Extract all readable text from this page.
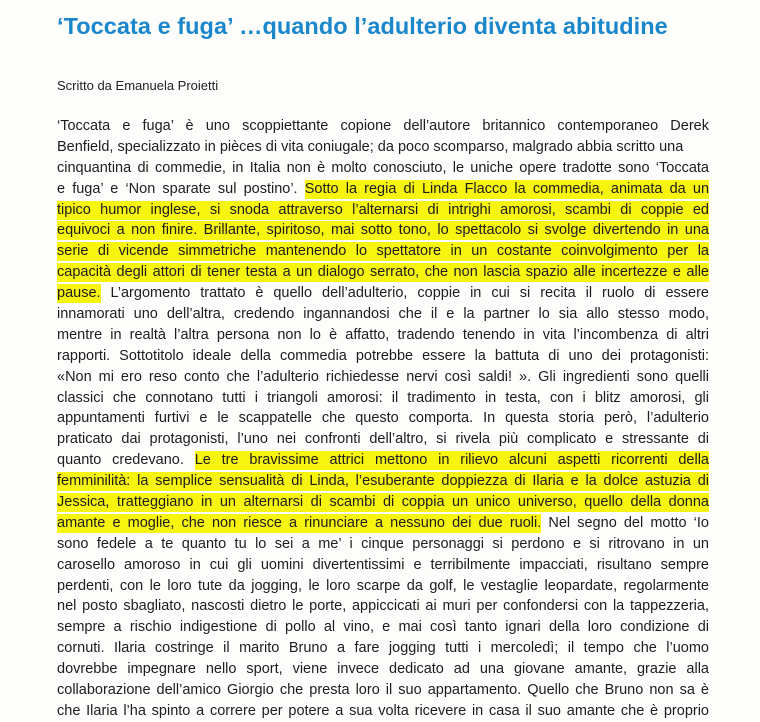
‘Toccata e fuga’ …quando l’adulterio diventa abitudine
Scritto da Emanuela Proietti
‘Toccata e fuga’ è uno scoppiettante copione dell’autore britannico contemporaneo Derek
Benfield, specializzato in pièces di vita coniugale; da poco scomparso, malgrado abbia scritto una
cinquantina di commedie, in Italia non è molto conosciuto, le uniche opere tradotte sono ‘Toccata
e fuga’ e ‘Non sparate sul postino’. Sotto la regia di Linda Flacco la commedia, animata da un
tipico humor inglese, si snoda attraverso l’alternarsi di intrighi amorosi, scambi di coppie ed
equivoci a non finire. Brillante, spiritoso, mai sotto tono, lo spettacolo si svolge divertendo in una
serie di vicende simmetriche mantenendo lo spettatore in un costante coinvolgimento per la
capacità degli attori di tener testa a un dialogo serrato, che non lascia spazio alle incertezze e alle
pause. L’argomento trattato è quello dell’adulterio, coppie in cui si recita il ruolo di essere
innamorati uno dell’altra, credendo ingannandosi che il e la partner lo sia allo stesso modo,
mentre in realtà l’altra persona non lo è affatto, tradendo tenendo in vita l’incombenza di altri
rapporti. Sottotitolo ideale della commedia potrebbe essere la battuta di uno dei protagonisti:
«Non mi ero reso conto che l’adulterio richiedesse nervi così saldi! ». Gli ingredienti sono quelli
classici che connotano tutti i triangoli amorosi: il tradimento in testa, con i blitz amorosi, gli
appuntamenti furtivi e le scappatelle che questo comporta. In questa storia però, l’adulterio
praticato dai protagonisti, l’uno nei confronti dell’altro, si rivela più complicato e stressante di
quanto credevano. Le tre bravissime attrici mettono in rilievo alcuni aspetti ricorrenti della
femminilità: la semplice sensualità di Linda, l’esuberante doppiezza di Ilaria e la dolce astuzia di
Jessica, tratteggiano in un alternarsi di scambi di coppia un unico universo, quello della donna
amante e moglie, che non riesce a rinunciare a nessuno dei due ruoli. Nel segno del motto ‘Io
sono fedele a te quanto tu lo sei a me’ i cinque personaggi si perdono e si ritrovano in un
carosello amoroso in cui gli uomini divertentissimi e terribilmente impacciati, risultano sempre
perdenti, con le loro tute da jogging, le loro scarpe da golf, le vestaglie leopardate, regolarmente
nel posto sbagliato, nascosti dietro le porte, appiccicati ai muri per confondersi con la tappezzeria,
sempre a rischio indigestione di pollo al vino, e mai così tanto ignari della loro condizione di
cornuti. Ilaria costringe il marito Bruno a fare jogging tutti i mercoledì; il tempo che l’uomo
dovrebbe impegnare nello sport, viene invece dedicato ad una giovane amante, grazie alla
collaborazione dell’amico Giorgio che presta loro il suo appartamento. Quello che Bruno non sa è
che Ilaria l’ha spinto a correre per potere a sua volta ricevere in casa il suo amante che è proprio
